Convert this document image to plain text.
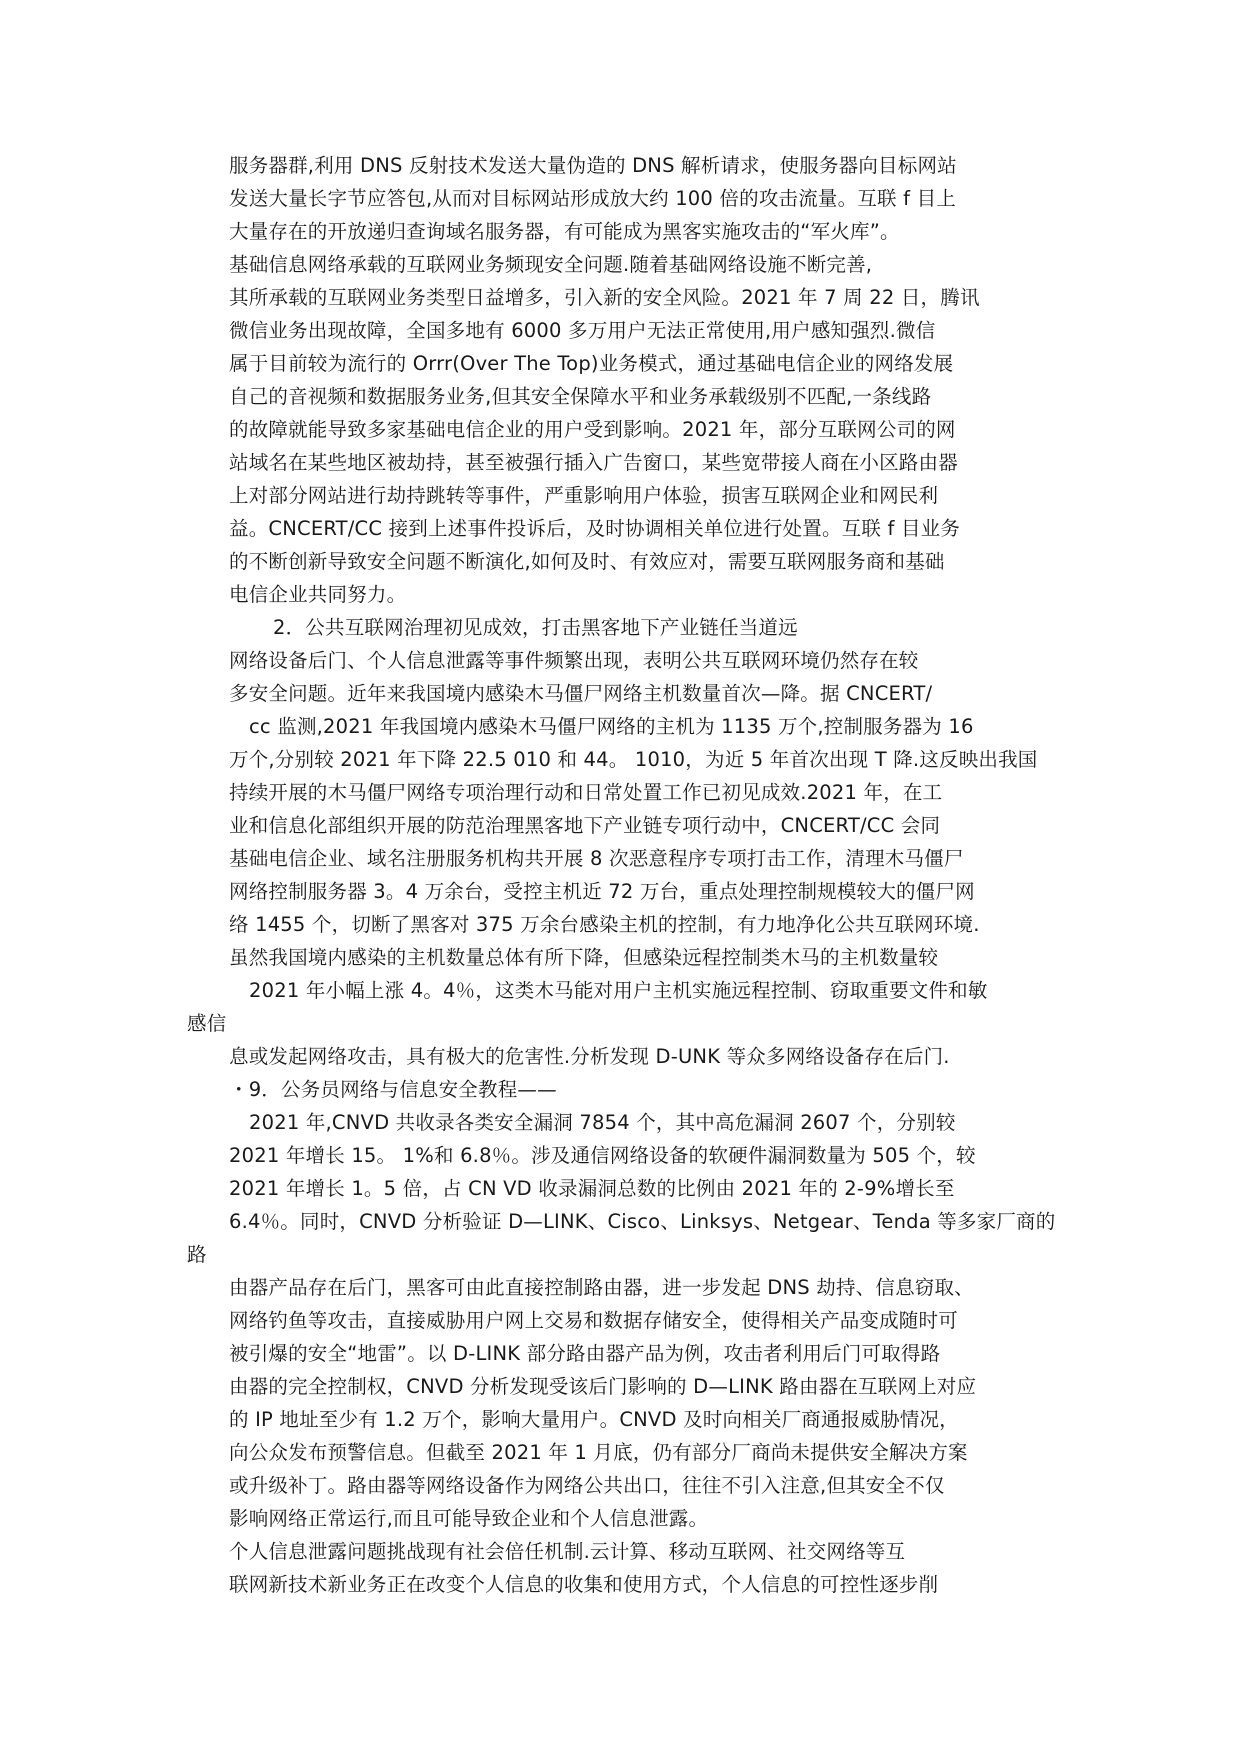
服务器群,利用 DNS 反射技术发送大量伪造的 DNS 解析请求，使服务器向目标网站
发送大量长字节应答包,从而对目标网站形成放大约 100 倍的攻击流量。互联 f 目上
大量存在的开放递归查询域名服务器，有可能成为黑客实施攻击的“军火库”。
基础信息网络承载的互联网业务频现安全问题.随着基础网络设施不断完善,
其所承载的互联网业务类型日益增多，引入新的安全风险。2021 年 7 周 22 日，腾讯
微信业务出现故障，全国多地有 6000 多万用户无法正常使用,用户感知强烈.微信
属于目前较为流行的 Orrr(Over The Top)业务模式，通过基础电信企业的网络发展
自己的音视频和数据服务业务,但其安全保障水平和业务承载级别不匹配,一条线路
的故障就能导致多家基础电信企业的用户受到影响。2021 年，部分互联网公司的网
站域名在某些地区被劫持，甚至被强行插入广告窗口，某些宽带接人商在小区路由器
上对部分网站进行劫持跳转等事件，严重影响用户体验，损害互联网企业和网民利
益。CNCERT/CC 接到上述事件投诉后，及时协调相关单位进行处置。互联 f 目业务
的不断创新导致安全问题不断演化,如何及时、有效应对，需要互联网服务商和基础
电信企业共同努力。
2．公共互联网治理初见成效，打击黑客地下产业链任当道远
网络设备后门、个人信息泄露等事件频繁出现，表明公共互联网环境仍然存在较
多安全问题。近年来我国境内感染木马僵尸网络主机数量首次—降。据 CNCERT/
cc 监测,2021 年我国境内感染木马僵尸网络的主机为 1135 万个,控制服务器为 16
万个,分别较 2021 年下降 22.5 010 和 44。 1010，为近 5 年首次出现 T 降.这反映出我国
持续开展的木马僵尸网络专项治理行动和日常处置工作已初见成效.2021 年，在工
业和信息化部组织开展的防范治理黑客地下产业链专项行动中，CNCERT/CC 会同
基础电信企业、域名注册服务机构共开展 8 次恶意程序专项打击工作，清理木马僵尸
网络控制服务器 3。4 万余台，受控主机近 72 万台，重点处理控制规模较大的僵尸网
络 1455 个，切断了黑客对 375 万余台感染主机的控制，有力地净化公共互联网环境.
虽然我国境内感染的主机数量总体有所下降，但感染远程控制类木马的主机数量较
2021 年小幅上涨 4。4％，这类木马能对用户主机实施远程控制、窃取重要文件和敏
感信
息或发起网络攻击，具有极大的危害性.分析发现 D-UNK 等众多网络设备存在后门.
・9．公务员网络与信息安全教程——
2021 年,CNVD 共收录各类安全漏洞 7854 个，其中高危漏洞 2607 个，分别较
2021 年增长 15。 1%和 6.8％。涉及通信网络设备的软硬件漏洞数量为 505 个，较
2021 年增长 1。5 倍，占 CN VD 收录漏洞总数的比例由 2021 年的 2-9%增长至
6.4％。同时，CNVD 分析验证 D—LINK、Cisco、Linksys、Netgear、Tenda 等多家厂商的
路
由器产品存在后门，黑客可由此直接控制路由器，进一步发起 DNS 劫持、信息窃取、
网络钓鱼等攻击，直接威胁用户网上交易和数据存储安全，使得相关产品变成随时可
被引爆的安全“地雷”。以 D-LINK 部分路由器产品为例，攻击者利用后门可取得路
由器的完全控制权，CNVD 分析发现受该后门影响的 D—LINK 路由器在互联网上对应
的 IP 地址至少有 1.2 万个，影响大量用户。CNVD 及时向相关厂商通报威胁情况，
向公众发布预警信息。但截至 2021 年 1 月底，仍有部分厂商尚未提供安全解决方案
或升级补丁。路由器等网络设备作为网络公共出口，往往不引入注意,但其安全不仅
影响网络正常运行,而且可能导致企业和个人信息泄露。
个人信息泄露问题挑战现有社会倍任机制.云计算、移动互联网、社交网络等互
联网新技术新业务正在改变个人信息的收集和使用方式，个人信息的可控性逐步削
